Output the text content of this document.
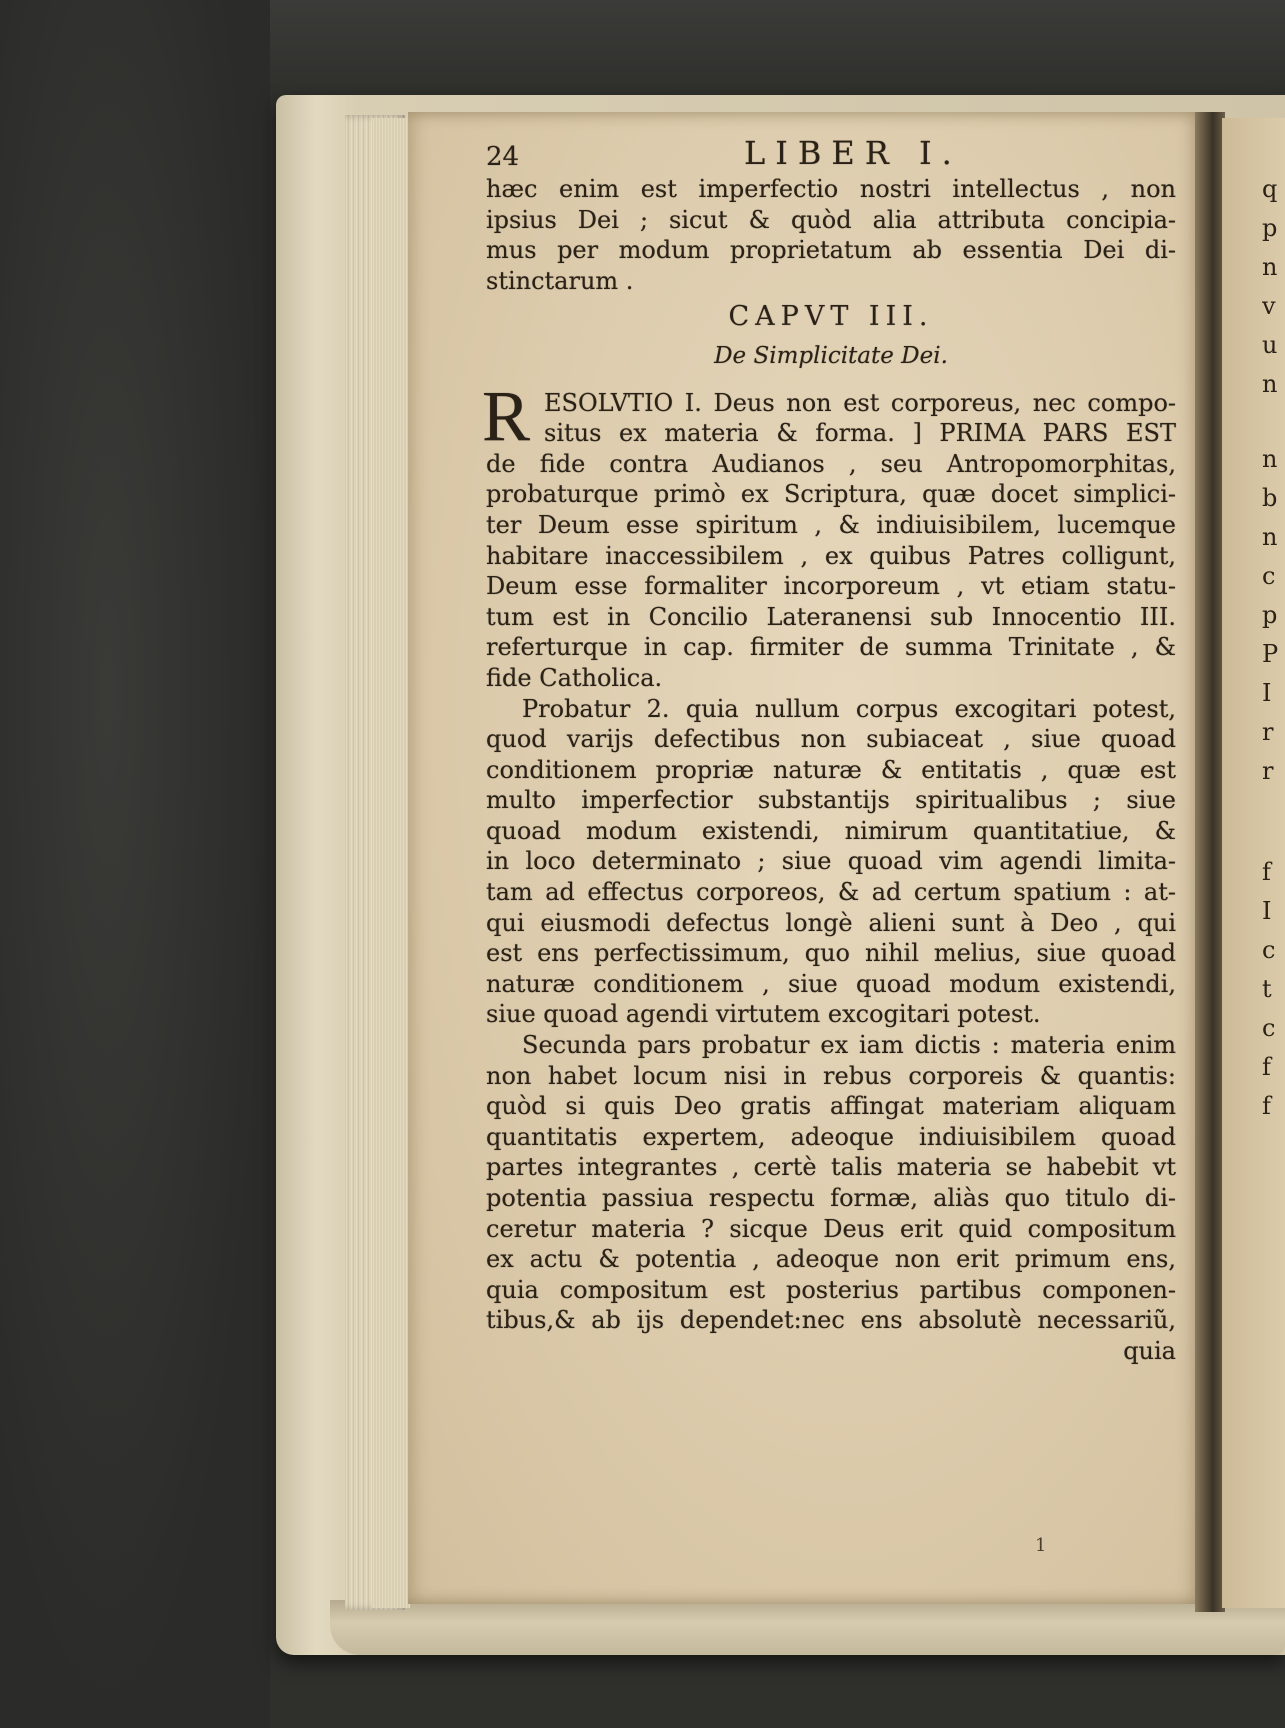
q
p
n
v
u
n
n
b
n
c
p
P
I
r
r
f
I
c
t
c
f
f
24	LIBER I.
hæc enim est imperfectio nostri intellectus , non
ipsius Dei ; sicut & quòd alia attributa concipia-
mus per modum proprietatum ab essentia Dei di-
stinctarum .
CAPVT III.
De Simplicitate Dei.
R ESOLVTIO I. Deus non est corporeus, nec compo-
situs ex materia & forma. ] PRIMA PARS EST
de fide contra Audianos , seu Antropomorphitas,
probaturque primò ex Scriptura, quæ docet simplici-
ter Deum esse spiritum , & indiuisibilem, lucemque
habitare inaccessibilem , ex quibus Patres colligunt,
Deum esse formaliter incorporeum , vt etiam statu-
tum est in Concilio Lateranensi sub Innocentio III.
referturque in cap. firmiter de summa Trinitate , &
fide Catholica.
Probatur 2. quia nullum corpus excogitari potest,
quod varijs defectibus non subiaceat , siue quoad
conditionem propriæ naturæ & entitatis , quæ est
multo imperfectior substantijs spiritualibus ; siue
quoad modum existendi, nimirum quantitatiue, &
in loco determinato ; siue quoad vim agendi limita-
tam ad effectus corporeos, & ad certum spatium : at-
qui eiusmodi defectus longè alieni sunt à Deo , qui
est ens perfectissimum, quo nihil melius, siue quoad
naturæ conditionem , siue quoad modum existendi,
siue quoad agendi virtutem excogitari potest.
Secunda pars probatur ex iam dictis : materia enim
non habet locum nisi in rebus corporeis & quantis:
quòd si quis Deo gratis affingat materiam aliquam
quantitatis expertem, adeoque indiuisibilem quoad
partes integrantes , certè talis materia se habebit vt
potentia passiua respectu formæ, aliàs quo titulo di-
ceretur materia ? sicque Deus erit quid compositum
ex actu & potentia , adeoque non erit primum ens,
quia compositum est posterius partibus componen-
tibus,& ab ijs dependet:nec ens absolutè necessariũ,
quia
1
